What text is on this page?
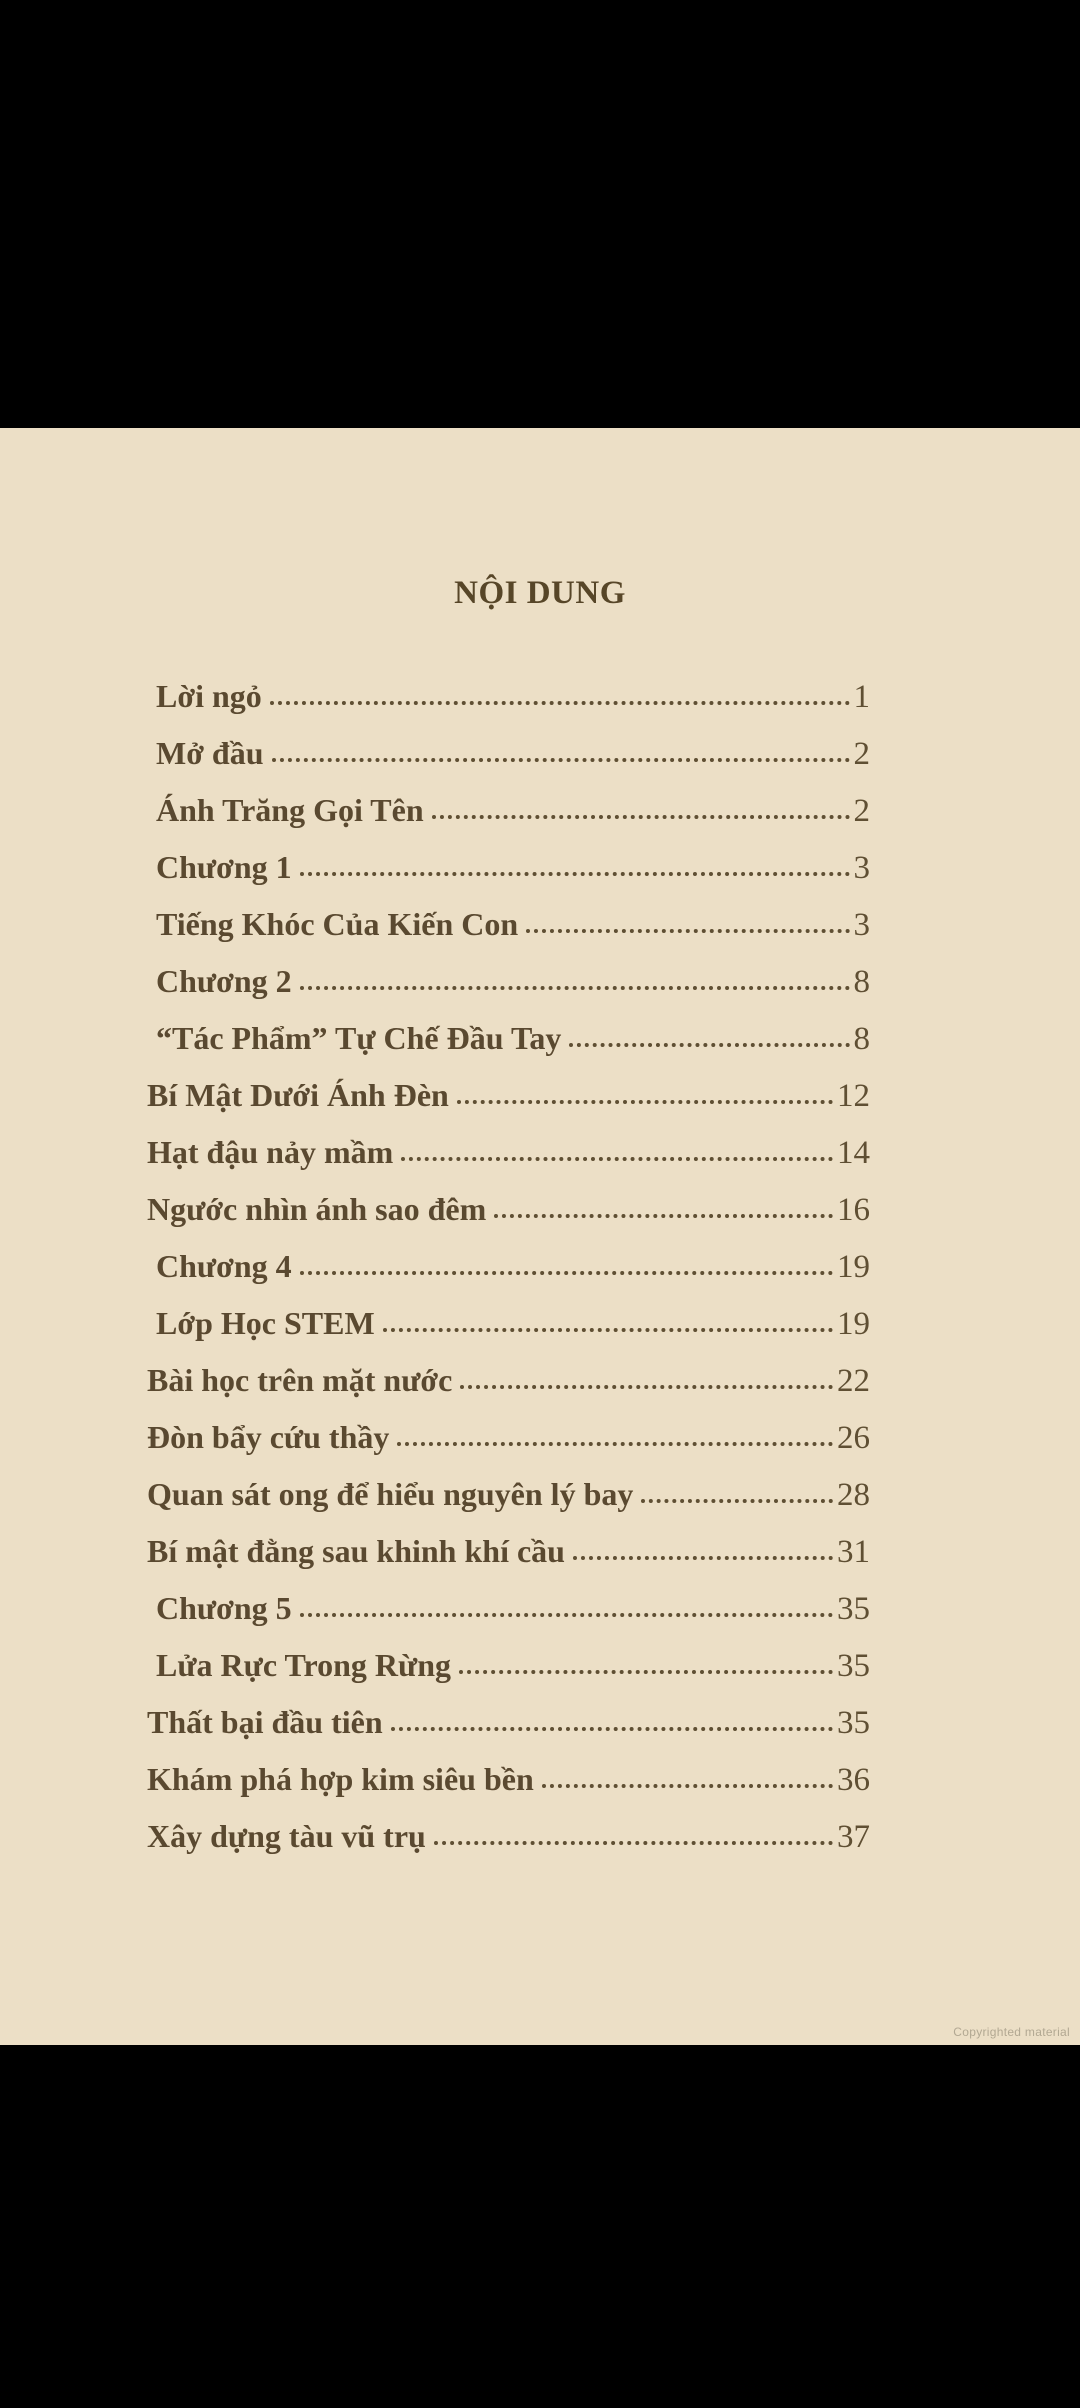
NỘI DUNG
Lời ngỏ	1
Mở đầu	2
Ánh Trăng Gọi Tên	2
Chương 1	3
Tiếng Khóc Của Kiến Con	3
Chương 2	8
“Tác Phẩm” Tự Chế Đầu Tay	8
Bí Mật Dưới Ánh Đèn	12
Hạt đậu nảy mầm	14
Ngước nhìn ánh sao đêm	16
Chương 4	19
Lớp Học STEM	19
Bài học trên mặt nước	22
Đòn bẩy cứu thầy	26
Quan sát ong để hiểu nguyên lý bay	28
Bí mật đằng sau khinh khí cầu	31
Chương 5	35
Lửa Rực Trong Rừng	35
Thất bại đầu tiên	35
Khám phá hợp kim siêu bền	36
Xây dựng tàu vũ trụ	37
Copyrighted material
